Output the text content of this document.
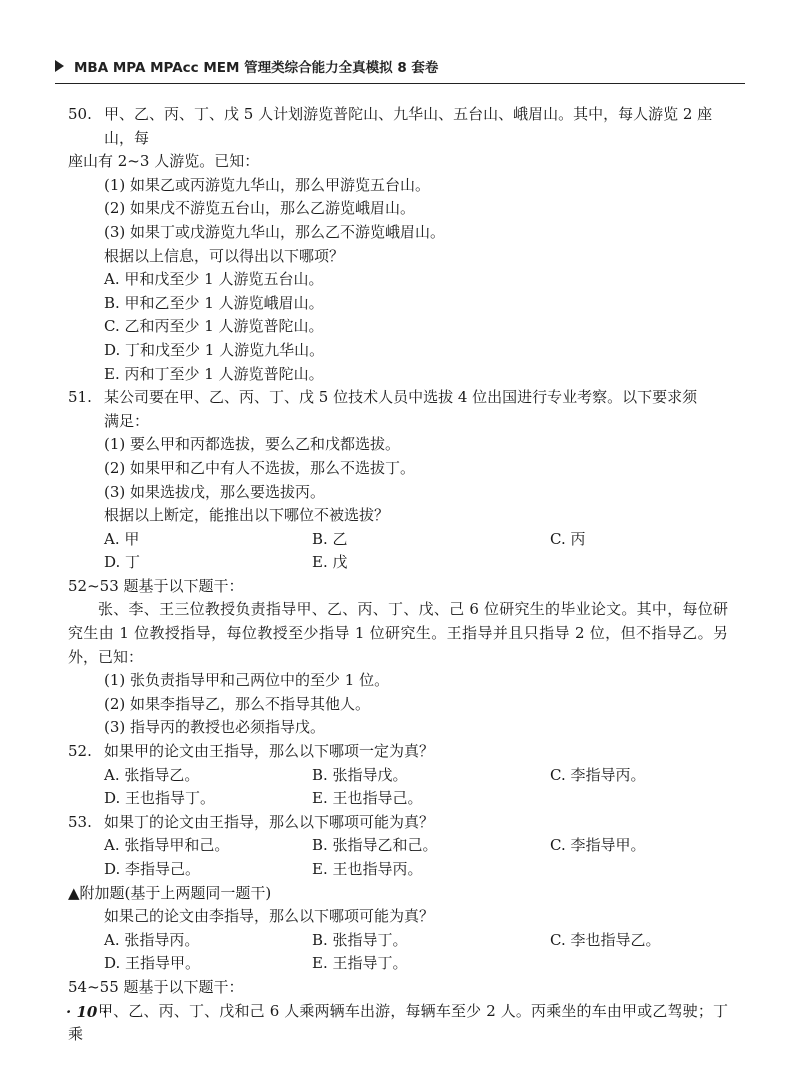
MBA MPA MPAcc MEM 管理类综合能力全真模拟 8 套卷
50. 甲、乙、丙、丁、戊 5 人计划游览普陀山、九华山、五台山、峨眉山。其中，每人游览 2 座山，每
座山有 2~3 人游览。已知：
(1) 如果乙或丙游览九华山，那么甲游览五台山。
(2) 如果戊不游览五台山，那么乙游览峨眉山。
(3) 如果丁或戊游览九华山，那么乙不游览峨眉山。
根据以上信息，可以得出以下哪项？
A. 甲和戊至少 1 人游览五台山。
B. 甲和乙至少 1 人游览峨眉山。
C. 乙和丙至少 1 人游览普陀山。
D. 丁和戊至少 1 人游览九华山。
E. 丙和丁至少 1 人游览普陀山。
51. 某公司要在甲、乙、丙、丁、戊 5 位技术人员中选拔 4 位出国进行专业考察。以下要求须
满足：
(1) 要么甲和丙都选拔，要么乙和戊都选拔。
(2) 如果甲和乙中有人不选拔，那么不选拔丁。
(3) 如果选拔戊，那么要选拔丙。
根据以上断定，能推出以下哪位不被选拔？
A. 甲	B. 乙	C. 丙
D. 丁	E. 戊
52~53 题基于以下题干：
张、李、王三位教授负责指导甲、乙、丙、丁、戊、己 6 位研究生的毕业论文。其中，每位研究生由 1 位教授指导，每位教授至少指导 1 位研究生。王指导并且只指导 2 位，但不指导乙。另外，已知：
(1) 张负责指导甲和己两位中的至少 1 位。
(2) 如果李指导乙，那么不指导其他人。
(3) 指导丙的教授也必须指导戊。
52. 如果甲的论文由王指导，那么以下哪项一定为真？
A. 张指导乙。	B. 张指导戊。	C. 李指导丙。
D. 王也指导丁。	E. 王也指导己。
53. 如果丁的论文由王指导，那么以下哪项可能为真？
A. 张指导甲和己。	B. 张指导乙和己。	C. 李指导甲。
D. 李指导己。	E. 王也指导丙。
▲附加题(基于上两题同一题干)
如果己的论文由李指导，那么以下哪项可能为真？
A. 张指导丙。	B. 张指导丁。	C. 李也指导乙。
D. 王指导甲。	E. 王指导丁。
54~55 题基于以下题干：
甲、乙、丙、丁、戊和己 6 人乘两辆车出游，每辆车至少 2 人。丙乘坐的车由甲或乙驾驶；丁乘
· 10 ·
